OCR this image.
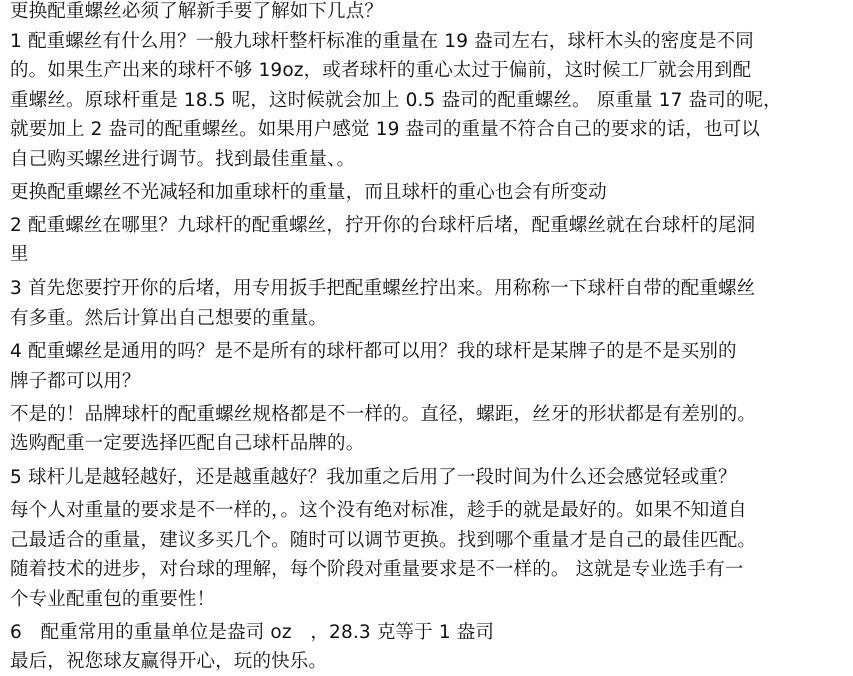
更换配重螺丝必须了解新手要了解如下几点？
1 配重螺丝有什么用？一般九球杆整杆标准的重量在 19 盎司左右，球杆木头的密度是不同
的。如果生产出来的球杆不够 19oz，或者球杆的重心太过于偏前，这时候工厂就会用到配
重螺丝。原球杆重是 18.5 呢，这时候就会加上 0.5 盎司的配重螺丝。 原重量 17 盎司的呢，
就要加上 2 盎司的配重螺丝。如果用户感觉 19 盎司的重量不符合自己的要求的话，也可以
自己购买螺丝进行调节。找到最佳重量、。
更换配重螺丝不光减轻和加重球杆的重量，而且球杆的重心也会有所变动
2 配重螺丝在哪里？九球杆的配重螺丝，拧开你的台球杆后堵，配重螺丝就在台球杆的尾洞
里
3 首先您要拧开你的后堵，用专用扳手把配重螺丝拧出来。用称称一下球杆自带的配重螺丝
有多重。然后计算出自己想要的重量。
4 配重螺丝是通用的吗？是不是所有的球杆都可以用？我的球杆是某牌子的是不是买别的
牌子都可以用？
不是的！品牌球杆的配重螺丝规格都是不一样的。直径，螺距，丝牙的形状都是有差别的。
选购配重一定要选择匹配自己球杆品牌的。
5 球杆儿是越轻越好，还是越重越好？我加重之后用了一段时间为什么还会感觉轻或重？
每个人对重量的要求是不一样的，。这个没有绝对标准，趁手的就是最好的。如果不知道自
己最适合的重量，建议多买几个。随时可以调节更换。找到哪个重量才是自己的最佳匹配。
随着技术的进步，对台球的理解，每个阶段对重量要求是不一样的。 这就是专业选手有一
个专业配重包的重要性！
6　配重常用的重量单位是盎司 oz　，28.3 克等于 1 盎司
最后，祝您球友赢得开心，玩的快乐。
